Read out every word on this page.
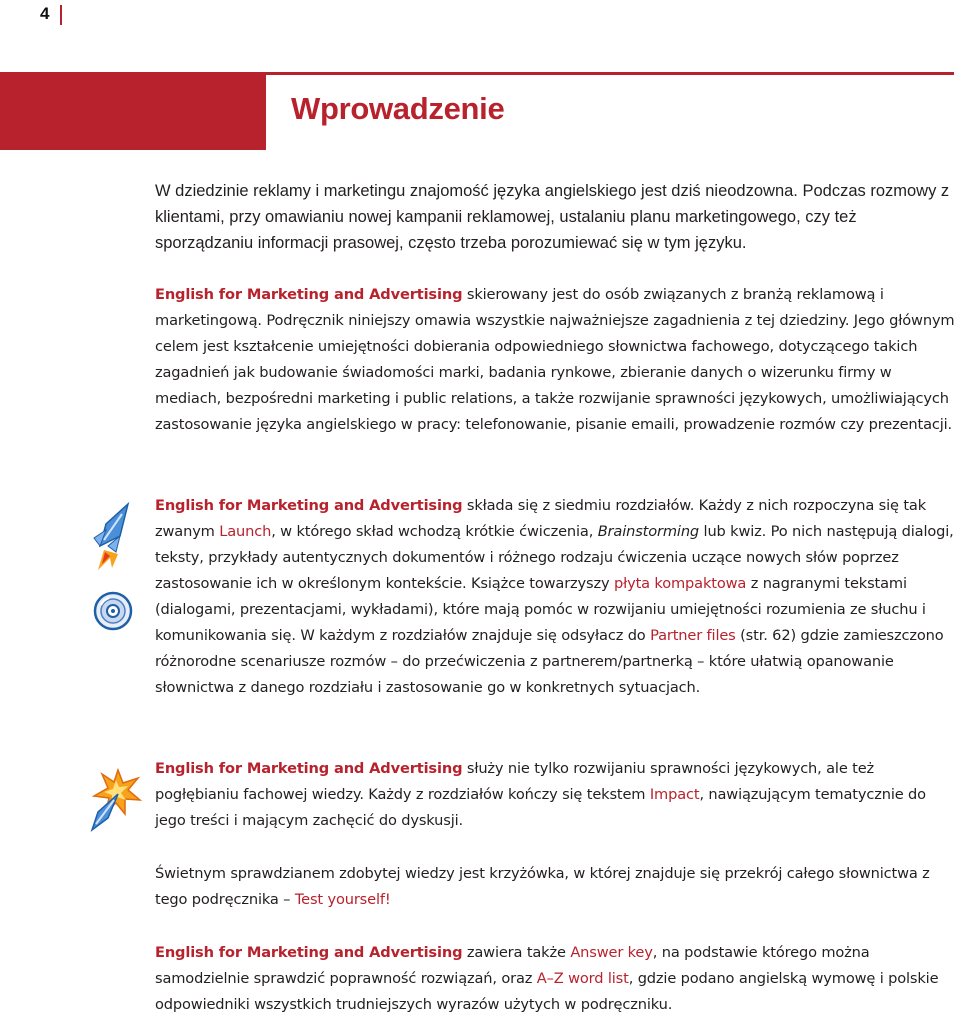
4
Wprowadzenie

W dziedzinie reklamy i marketingu znajomość języka angielskiego jest dziś nieodzowna. Podczas rozmowy z klientami, przy omawianiu nowej kampanii reklamowej, ustalaniu planu marketingowego, czy też sporządzaniu informacji prasowej, często trzeba porozumiewać się w tym języku.

English for Marketing and Advertising skierowany jest do osób związanych z branżą reklamową i marketingową. Podręcznik niniejszy omawia wszystkie najważniejsze zagadnienia z tej dziedziny. Jego głównym celem jest kształcenie umiejętności dobierania odpowiedniego słownictwa fachowego, dotyczącego takich zagadnień jak budowanie świadomości marki, badania rynkowe, zbieranie danych o wizerunku firmy w mediach, bezpośredni marketing i public relations, a także rozwijanie sprawności językowych, umożliwiających zastosowanie języka angielskiego w pracy: telefonowanie, pisanie emaili, prowadzenie rozmów czy prezentacji.

English for Marketing and Advertising składa się z siedmiu rozdziałów. Każdy z nich rozpoczyna się tak zwanym Launch, w którego skład wchodzą krótkie ćwiczenia, Brainstorming lub kwiz. Po nich następują dialogi, teksty, przykłady autentycznych dokumentów i różnego rodzaju ćwiczenia uczące nowych słów poprzez zastosowanie ich w określonym kontekście. Książce towarzyszy płyta kompaktowa z nagranymi tekstami (dialogami, prezentacjami, wykładami), które mają pomóc w rozwijaniu umiejętności rozumienia ze słuchu i komunikowania się. W każdym z rozdziałów znajduje się odsyłacz do Partner files (str. 62) gdzie zamieszczono różnorodne scenariusze rozmów – do przećwiczenia z partnerem/partnerką – które ułatwią opanowanie słownictwa z danego rozdziału i zastosowanie go w konkretnych sytuacjach.

English for Marketing and Advertising służy nie tylko rozwijaniu sprawności językowych, ale też pogłębianiu fachowej wiedzy. Każdy z rozdziałów kończy się tekstem Impact, nawiązującym tematycznie do jego treści i mającym zachęcić do dyskusji.

Świetnym sprawdzianem zdobytej wiedzy jest krzyżówka, w której znajduje się przekrój całego słownictwa z tego podręcznika – Test yourself!

English for Marketing and Advertising zawiera także Answer key, na podstawie którego można samodzielnie sprawdzić poprawność rozwiązań, oraz A–Z word list, gdzie podano angielską wymowę i polskie odpowiedniki wszystkich trudniejszych wyrazów użytych w podręczniku.
